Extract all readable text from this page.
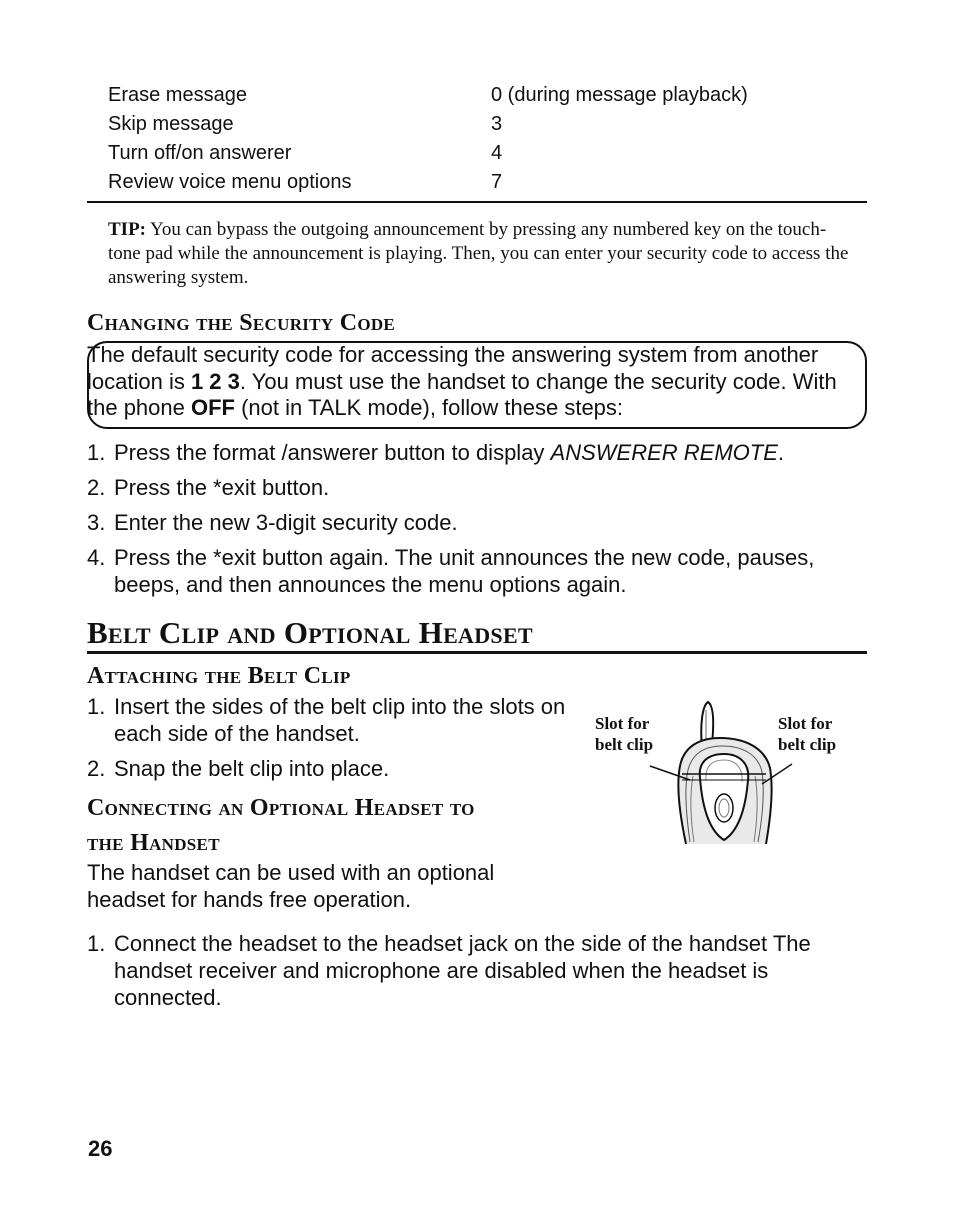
Erase message	0 (during message playback)
Skip message	3
Turn off/on answerer	4
Review voice menu options	7
TIP: You can bypass the outgoing announcement by pressing any numbered key on the touch-tone pad while the announcement is playing. Then, you can enter your security code to access the answering system.
Changing the Security Code
The default security code for accessing the answering system from another location is 1 2 3. You must use the handset to change the security code. With the phone OFF (not in TALK mode), follow these steps:
1. Press the format /answerer button to display ANSWERER REMOTE.
2. Press the *exit button.
3. Enter the new 3-digit security code.
4. Press the *exit button again. The unit announces the new code, pauses, beeps, and then announces the menu options again.
Belt Clip and Optional Headset
Attaching the Belt Clip
1. Insert the sides of the belt clip into the slots on each side of the handset.
2. Snap the belt clip into place.
Connecting an Optional Headset to
the Handset
The handset can be used with an optional headset for hands free operation.
1. Connect the headset to the headset jack on the side of the handset The handset receiver and microphone are disabled when the headset is connected.
Slot for
belt clip
Slot for
belt clip
26
